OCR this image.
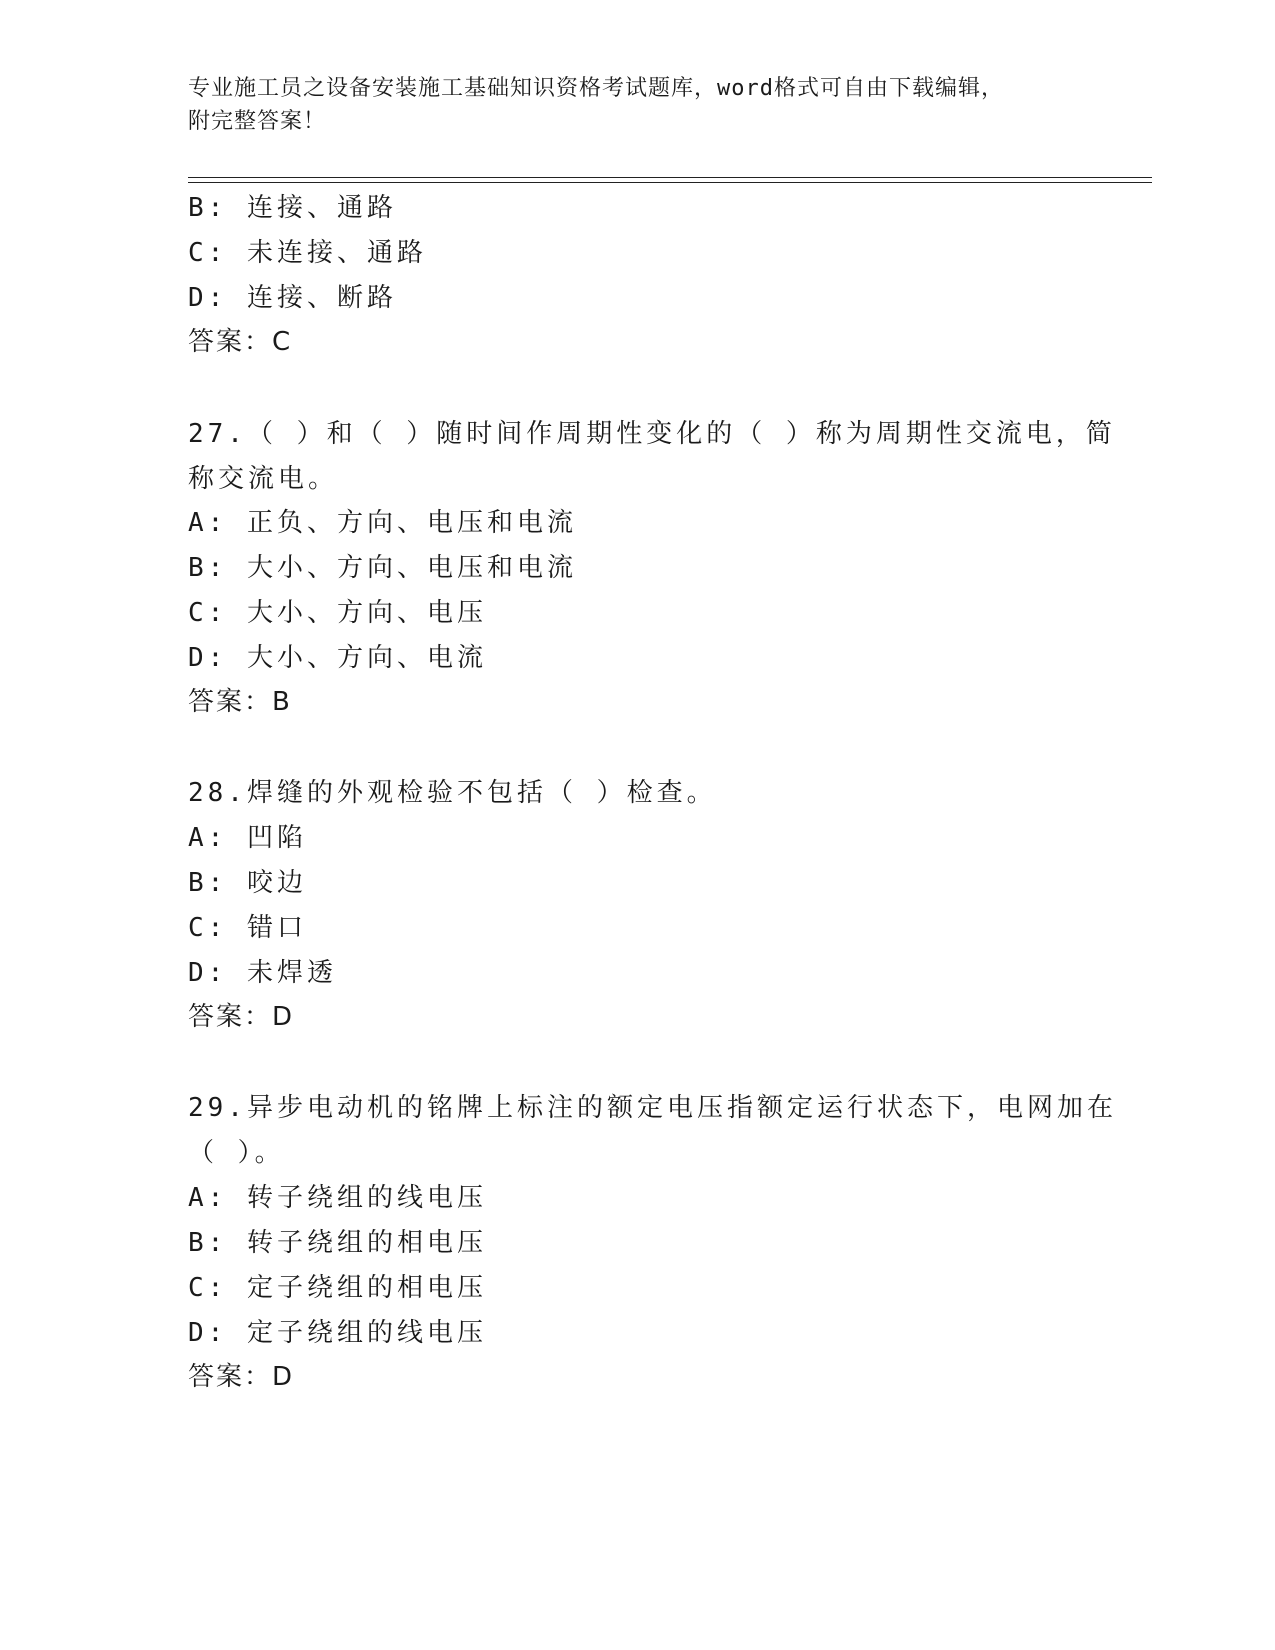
专业施工员之设备安装施工基础知识资格考试题库，word格式可自由下载编辑，
附完整答案！
B: 连接、通路
C: 未连接、通路
D: 连接、断路
答案：C
27.（ ）和（ ）随时间作周期性变化的（ ）称为周期性交流电，简
称交流电。
A: 正负、方向、电压和电流
B: 大小、方向、电压和电流
C: 大小、方向、电压
D: 大小、方向、电流
答案：B
28.焊缝的外观检验不包括（ ）检查。
A: 凹陷
B: 咬边
C: 错口
D: 未焊透
答案：D
29.异步电动机的铭牌上标注的额定电压指额定运行状态下，电网加在
（ ）。
A: 转子绕组的线电压
B: 转子绕组的相电压
C: 定子绕组的相电压
D: 定子绕组的线电压
答案：D
